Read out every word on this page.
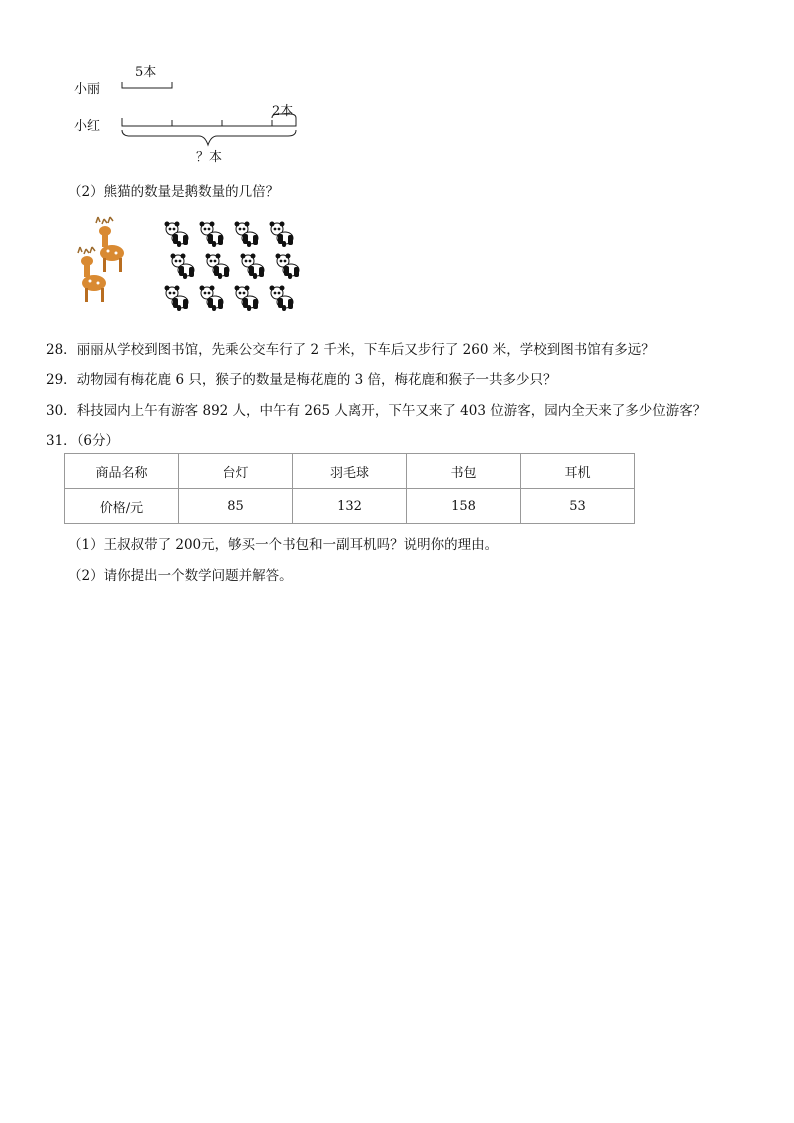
5本
小丽
2本
小红
？本
（2）熊猫的数量是鹅数量的几倍？
28．丽丽从学校到图书馆，先乘公交车行了 2 千米，下车后又步行了 260 米，学校到图书馆有多远？
29．动物园有梅花鹿 6 只，猴子的数量是梅花鹿的 3 倍，梅花鹿和猴子一共多少只？
30．科技园内上午有游客 892 人，中午有 265 人离开，下午又来了 403 位游客，园内全天来了多少位游客？
31．（6分）
商品名称	台灯	羽毛球	书包	耳机
价格/元	85	132	158	53
（1）王叔叔带了 200元，够买一个书包和一副耳机吗？说明你的理由。
（2）请你提出一个数学问题并解答。
